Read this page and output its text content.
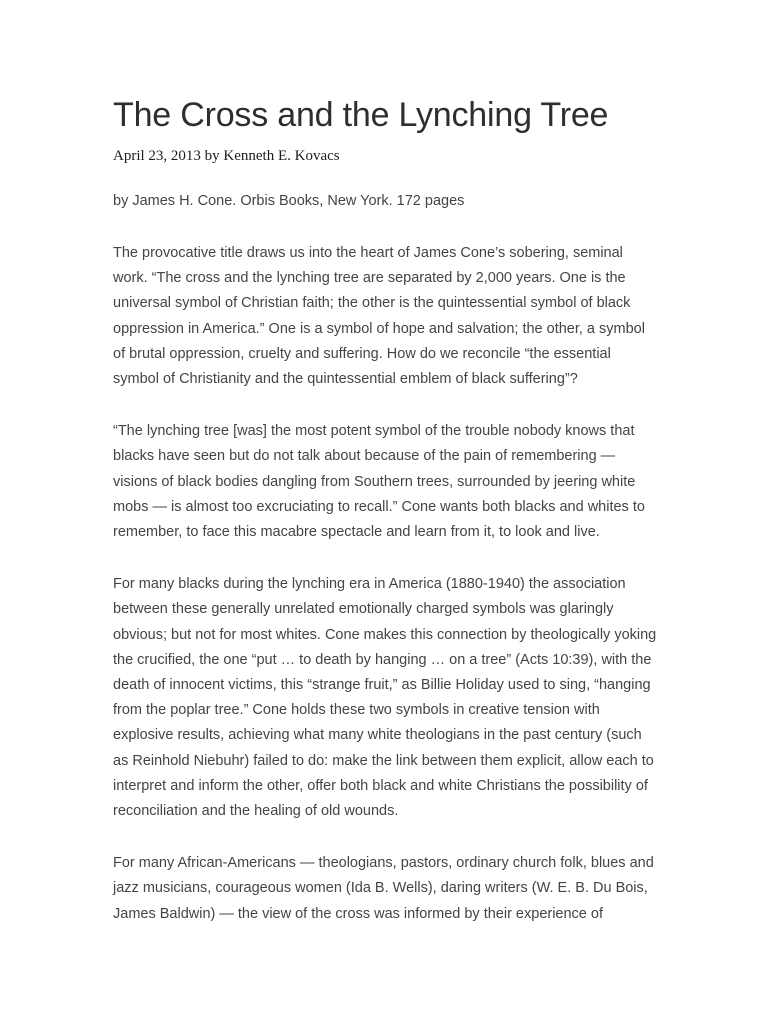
The Cross and the Lynching Tree

April 23, 2013 by Kenneth E. Kovacs

by James H. Cone. Orbis Books, New York. 172 pages

The provocative title draws us into the heart of James Cone’s sobering, seminal work. “The cross and the lynching tree are separated by 2,000 years. One is the universal symbol of Christian faith; the other is the quintessential symbol of black oppression in America.” One is a symbol of hope and salvation; the other, a symbol of brutal oppression, cruelty and suffering. How do we reconcile “the essential symbol of Christianity and the quintessential emblem of black suffering”?

“The lynching tree [was] the most potent symbol of the trouble nobody knows that blacks have seen but do not talk about because of the pain of remembering — visions of black bodies dangling from Southern trees, surrounded by jeering white mobs — is almost too excruciating to recall.” Cone wants both blacks and whites to remember, to face this macabre spectacle and learn from it, to look and live.

For many blacks during the lynching era in America (1880-1940) the association between these generally unrelated emotionally charged symbols was glaringly obvious; but not for most whites. Cone makes this connection by theologically yoking the crucified, the one “put … to death by hanging … on a tree” (Acts 10:39), with the death of innocent victims, this “strange fruit,” as Billie Holiday used to sing, “hanging from the poplar tree.” Cone holds these two symbols in creative tension with explosive results, achieving what many white theologians in the past century (such as Reinhold Niebuhr) failed to do: make the link between them explicit, allow each to interpret and inform the other, offer both black and white Christians the possibility of reconciliation and the healing of old wounds.

For many African-Americans — theologians, pastors, ordinary church folk, blues and jazz musicians, courageous women (Ida B. Wells), daring writers (W. E. B. Du Bois, James Baldwin) — the view of the cross was informed by their experience of
